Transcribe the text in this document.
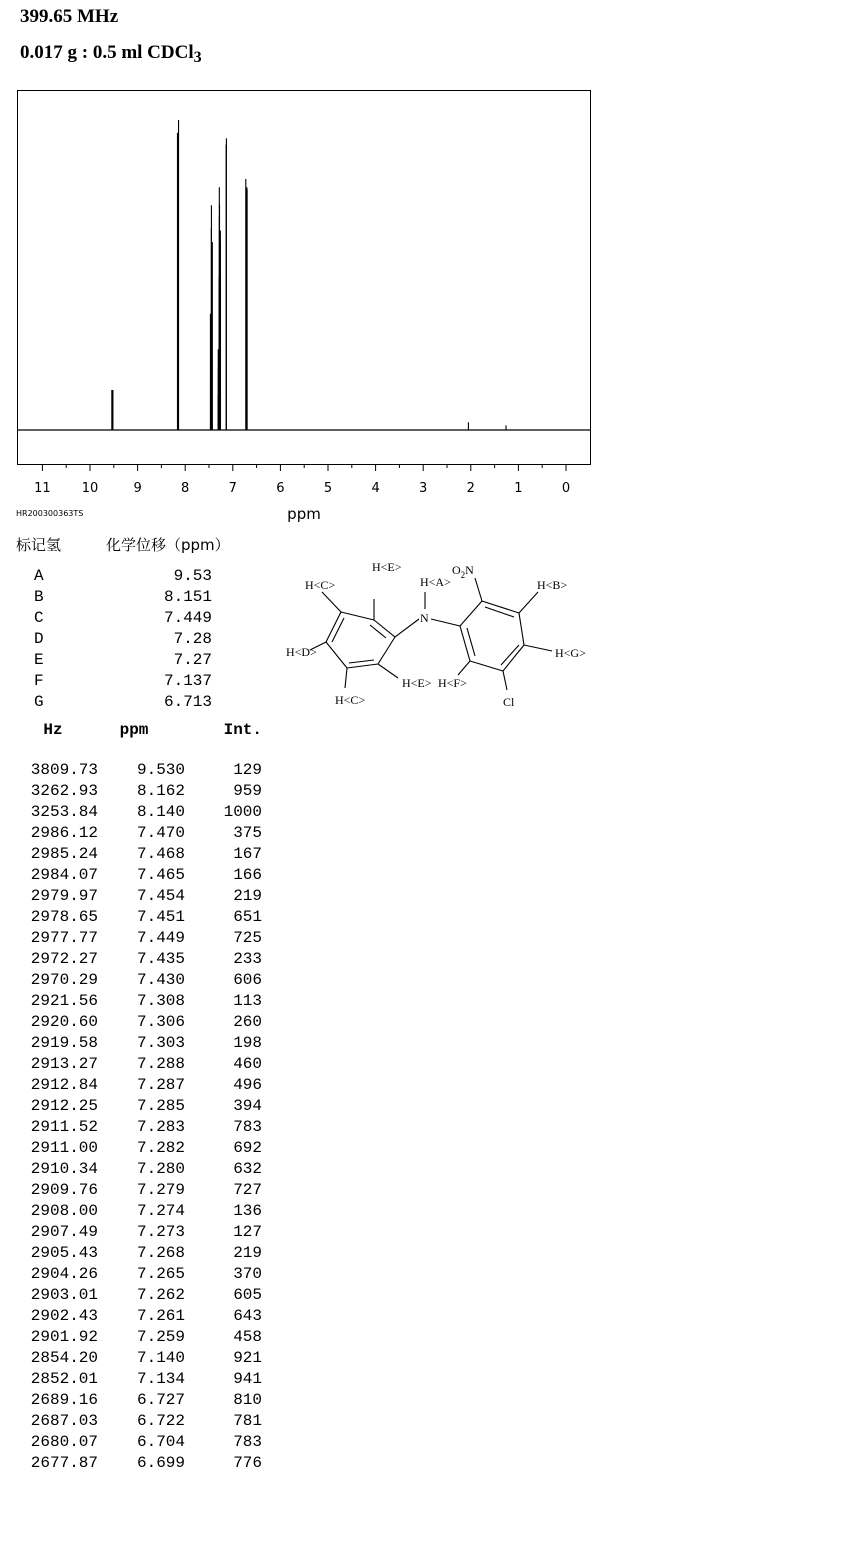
399.65 MHz
0.017 g : 0.5 ml CDCl$_3$
11 10	9	8	7	6	5	4	3	2	1	0
ppm
HR200300363TS
标记氢	化学位移（ppm）
A	9.53
B	8.151
C	7.449
D	7.28
E	7.27
F	7.137
G	6.713
H<C>
H<E>
H<A>
$O_2N$
H<B>
N
H<D>	H<G>
H<E> H<F>
H<C>	Cl
Hz	ppm	Int.
3809.73	9.530	129
3262.93	8.162	959
3253.84	8.140	1000
2986.12	7.470	375
2985.24	7.468	167
2984.07	7.465	166
2979.97	7.454	219
2978.65	7.451	651
2977.77	7.449	725
2972.27	7.435	233
2970.29	7.430	606
2921.56	7.308	113
2920.60	7.306	260
2919.58	7.303	198
2913.27	7.288	460
2912.84	7.287	496
2912.25	7.285	394
2911.52	7.283	783
2911.00	7.282	692
2910.34	7.280	632
2909.76	7.279	727
2908.00	7.274	136
2907.49	7.273	127
2905.43	7.268	219
2904.26	7.265	370
2903.01	7.262	605
2902.43	7.261	643
2901.92	7.259	458
2854.20	7.140	921
2852.01	7.134	941
2689.16	6.727	810
2687.03	6.722	781
2680.07	6.704	783
2677.87	6.699	776
